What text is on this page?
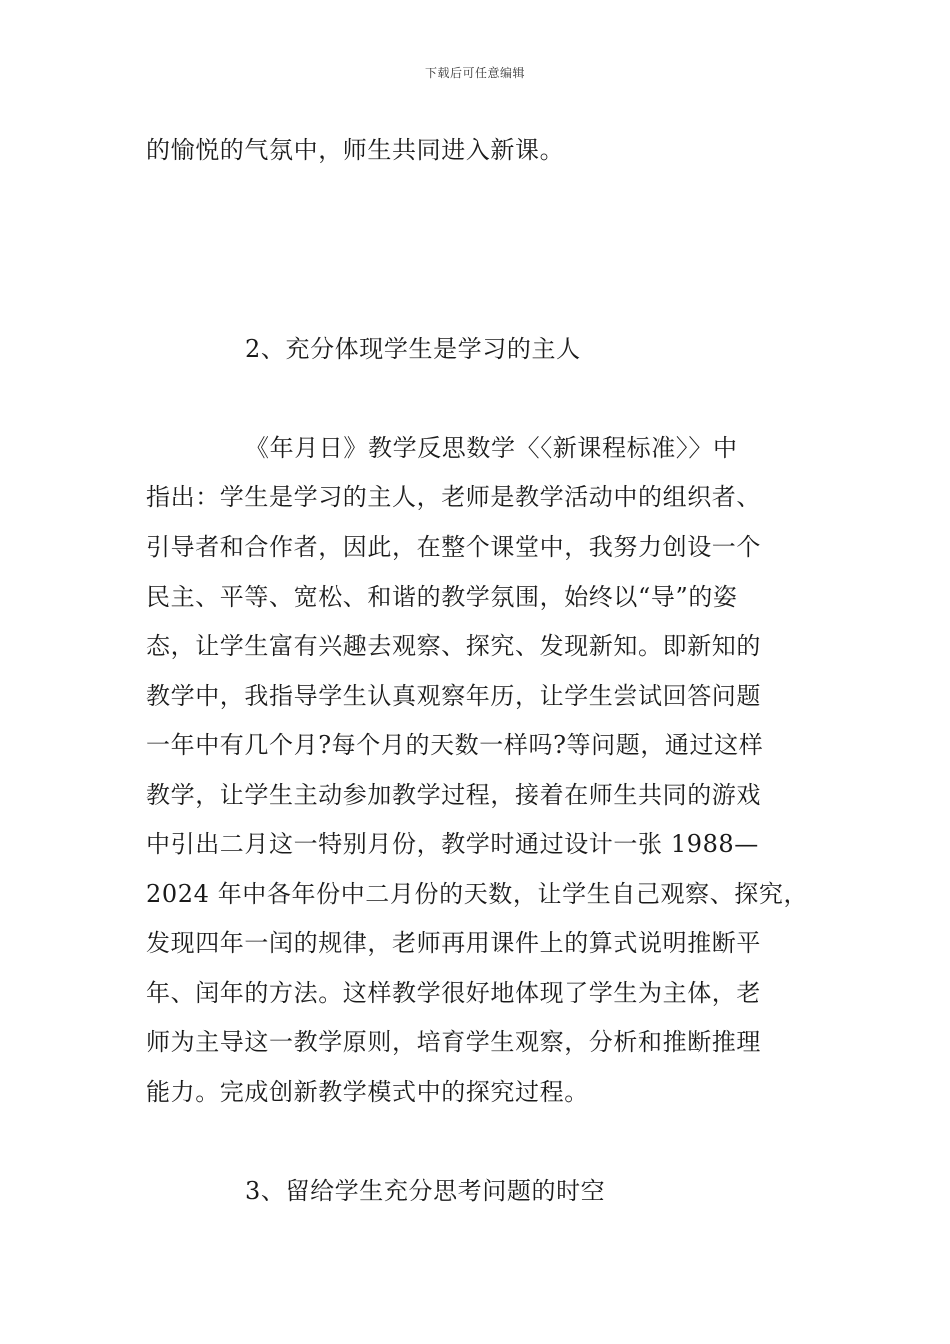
下载后可任意编辑
的愉悦的气氛中，师生共同进入新课。
2、充分体现学生是学习的主人
《年月日》教学反思数学〈〈新课程标准〉〉中
指出：学生是学习的主人，老师是教学活动中的组织者、
引导者和合作者，因此，在整个课堂中，我努力创设一个
民主、平等、宽松、和谐的教学氛围，始终以“导”的姿
态，让学生富有兴趣去观察、探究、发现新知。即新知的
教学中，我指导学生认真观察年历，让学生尝试回答问题
一年中有几个月?每个月的天数一样吗?等问题，通过这样
教学，让学生主动参加教学过程，接着在师生共同的游戏
中引出二月这一特别月份，教学时通过设计一张 1988—
2024 年中各年份中二月份的天数，让学生自己观察、探究，
发现四年一闰的规律，老师再用课件上的算式说明推断平
年、闰年的方法。这样教学很好地体现了学生为主体，老
师为主导这一教学原则，培育学生观察，分析和推断推理
能力。完成创新教学模式中的探究过程。
3、留给学生充分思考问题的时空
